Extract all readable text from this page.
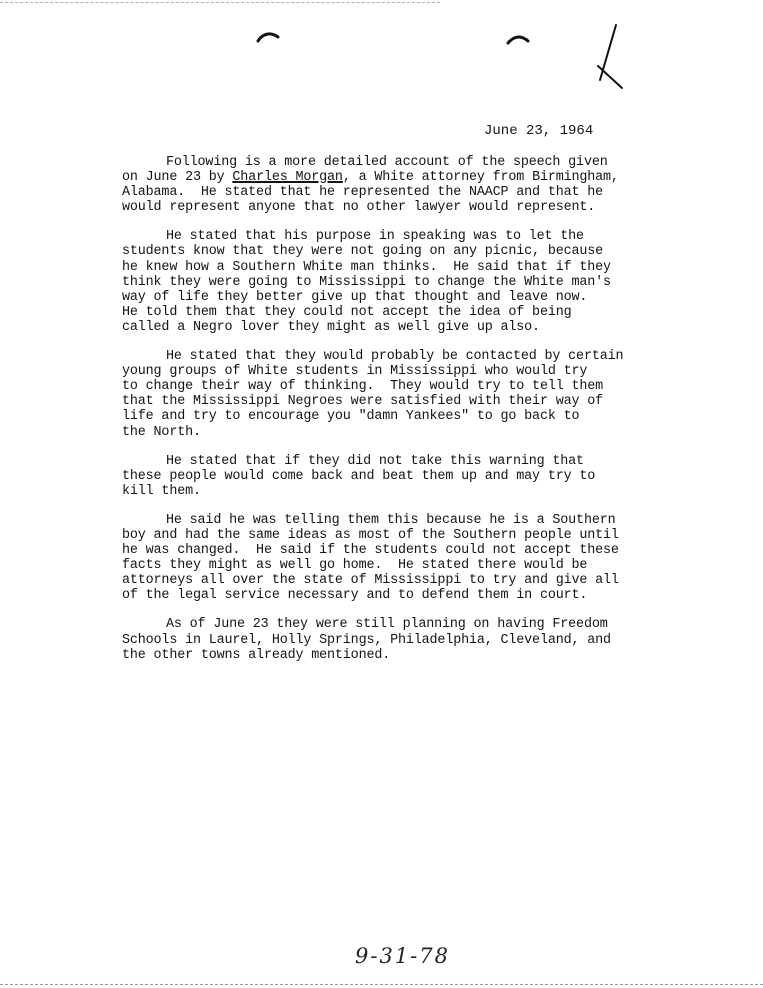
June 23, 1964
Following is a more detailed account of the speech given
on June 23 by Charles Morgan, a White attorney from Birmingham,
Alabama.  He stated that he represented the NAACP and that he
would represent anyone that no other lawyer would represent.
He stated that his purpose in speaking was to let the
students know that they were not going on any picnic, because
he knew how a Southern White man thinks.  He said that if they
think they were going to Mississippi to change the White man's
way of life they better give up that thought and leave now.
He told them that they could not accept the idea of being
called a Negro lover they might as well give up also.
He stated that they would probably be contacted by certain
young groups of White students in Mississippi who would try
to change their way of thinking.  They would try to tell them
that the Mississippi Negroes were satisfied with their way of
life and try to encourage you "damn Yankees" to go back to
the North.
He stated that if they did not take this warning that
these people would come back and beat them up and may try to
kill them.
He said he was telling them this because he is a Southern
boy and had the same ideas as most of the Southern people until
he was changed.  He said if the students could not accept these
facts they might as well go home.  He stated there would be
attorneys all over the state of Mississippi to try and give all
of the legal service necessary and to defend them in court.
As of June 23 they were still planning on having Freedom
Schools in Laurel, Holly Springs, Philadelphia, Cleveland, and
the other towns already mentioned.
9-31-78
